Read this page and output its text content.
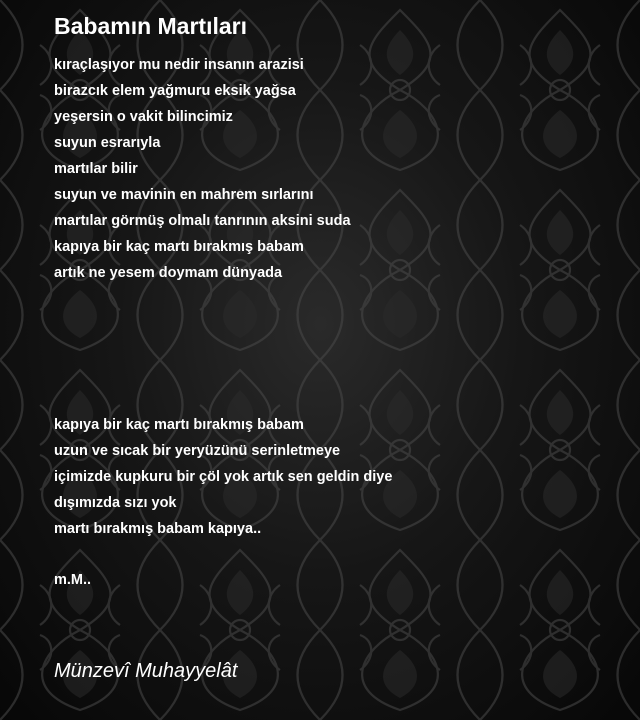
Babamın Martıları
kıraçlaşıyor mu nedir insanın arazisi
birazcık elem yağmuru eksik yağsa
yeşersin o vakit bilincimiz
suyun esrarıyla
martılar bilir
suyun ve mavinin en mahrem sırlarını
martılar görmüş olmalı tanrının aksini suda
kapıya bir kaç martı bırakmış babam
artık ne yesem doymam dünyada
kapıya bir kaç martı bırakmış babam
uzun ve sıcak bir yeryüzünü serinletmeye
içimizde kupkuru bir çöl yok artık sen geldin diye
dışımızda sızı yok
martı bırakmış babam kapıya..

m.M..

Münzevî Muhayyelât
